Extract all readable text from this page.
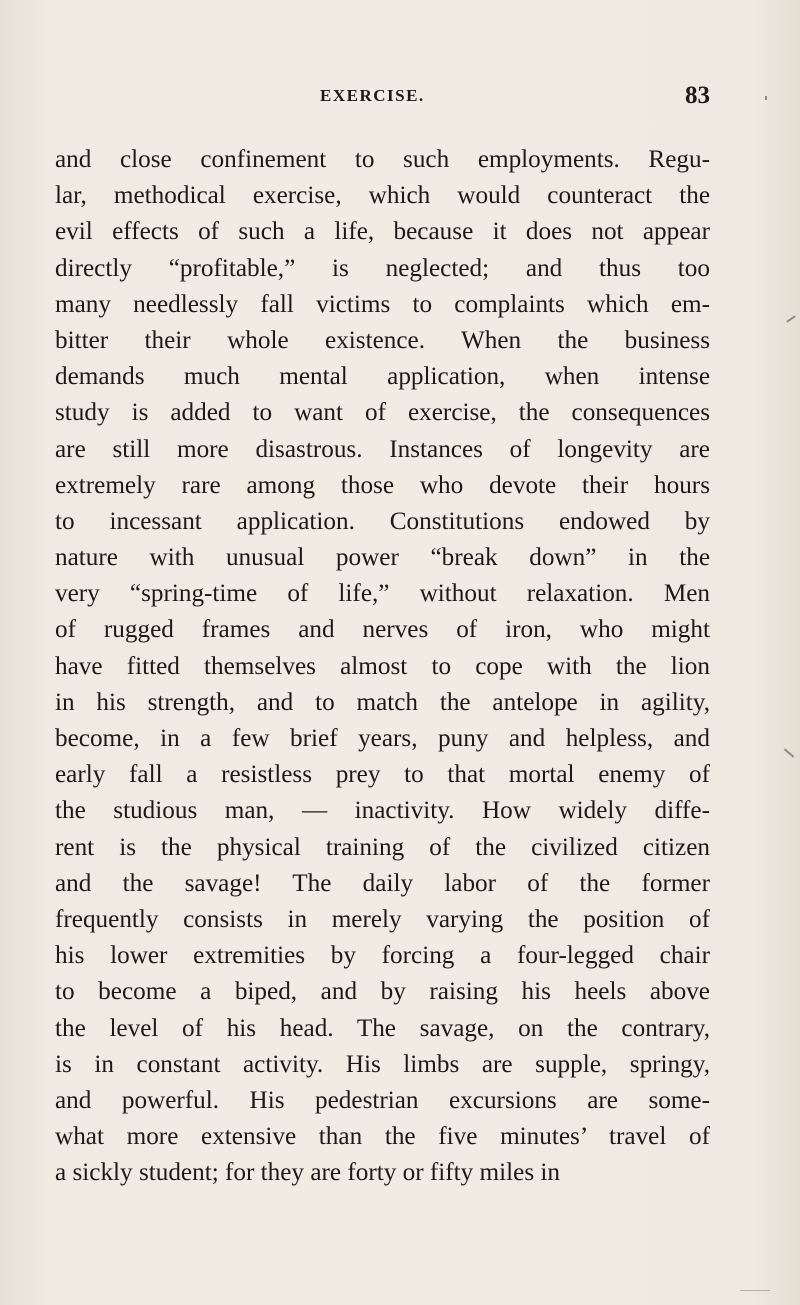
EXERCISE.	83
and close confinement to such employments. Regu-
lar, methodical exercise, which would counteract the
evil effects of such a life, because it does not appear
directly “profitable,” is neglected; and thus too
many needlessly fall victims to complaints which em-
bitter their whole existence. When the business
demands much mental application, when intense
study is added to want of exercise, the consequences
are still more disastrous. Instances of longevity are
extremely rare among those who devote their hours
to incessant application. Constitutions endowed by
nature with unusual power “break down” in the
very “spring-time of life,” without relaxation. Men
of rugged frames and nerves of iron, who might
have fitted themselves almost to cope with the lion
in his strength, and to match the antelope in agility,
become, in a few brief years, puny and helpless, and
early fall a resistless prey to that mortal enemy of
the studious man, — inactivity. How widely diffe-
rent is the physical training of the civilized citizen
and the savage! The daily labor of the former
frequently consists in merely varying the position of
his lower extremities by forcing a four-legged chair
to become a biped, and by raising his heels above
the level of his head. The savage, on the contrary,
is in constant activity. His limbs are supple, springy,
and powerful. His pedestrian excursions are some-
what more extensive than the five minutes’ travel of
a sickly student; for they are forty or fifty miles in
